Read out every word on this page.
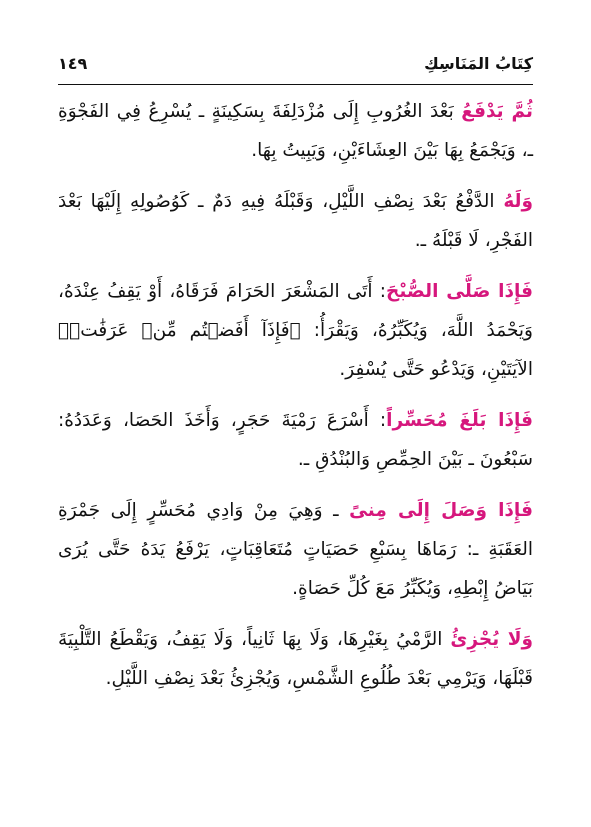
كِتَابُ المَنَاسِكِ
١٤٩

ثُمَّ يَدْفَعُ بَعْدَ الغُرُوبِ إِلَى مُزْدَلِفَةَ بِسَكِينَةٍ ـ يُسْرِعُ فِي الفَجْوَةِ ـ، وَيَجْمَعُ بِهَا بَيْنَ العِشَاءَيْنِ، وَيَبِيتُ بِهَا.

وَلَهُ الدَّفْعُ بَعْدَ نِصْفِ اللَّيْلِ، وَقَبْلَهُ فِيهِ دَمٌ ـ كَوُصُولِهِ إِلَيْهَا بَعْدَ الفَجْرِ، لَا قَبْلَهُ ـ.

فَإِذَا صَلَّى الصُّبْحَ: أَتَى المَشْعَرَ الحَرَامَ فَرَقَاهُ، أَوْ يَقِفُ عِنْدَهُ، وَيَحْمَدُ اللَّهَ، وَيُكَبِّرُهُ، وَيَقْرَأُ: ﴿فَإِذَآ أَفَضۡتُم مِّنۡ عَرَفَٰتٖ﴾ الآيَتَيْنِ، وَيَدْعُو حَتَّى يُسْفِرَ.

فَإِذَا بَلَغَ مُحَسِّراً: أَسْرَعَ رَمْيَةَ حَجَرٍ، وَأَخَذَ الحَصَا، وَعَدَدُهُ: سَبْعُونَ ـ بَيْنَ الحِمِّصِ وَالبُنْدُقِ ـ.

فَإِذَا وَصَلَ إِلَى مِنىً ـ وَهِيَ مِنْ وَادِي مُحَسِّرٍ إِلَى جَمْرَةِ العَقَبَةِ ـ: رَمَاهَا بِسَبْعِ حَصَيَاتٍ مُتَعَاقِبَاتٍ، يَرْفَعُ يَدَهُ حَتَّى يُرَى بَيَاضُ إِبْطِهِ، وَيُكَبِّرُ مَعَ كُلِّ حَصَاةٍ.

وَلَا يُجْزِئُ الرَّمْيُ بِغَيْرِهَا، وَلَا بِهَا ثَانِياً، وَلَا يَقِفُ، وَيَقْطَعُ التَّلْبِيَةَ قَبْلَهَا، وَيَرْمِي بَعْدَ طُلُوعِ الشَّمْسِ، وَيُجْزِئُ بَعْدَ نِصْفِ اللَّيْلِ.
